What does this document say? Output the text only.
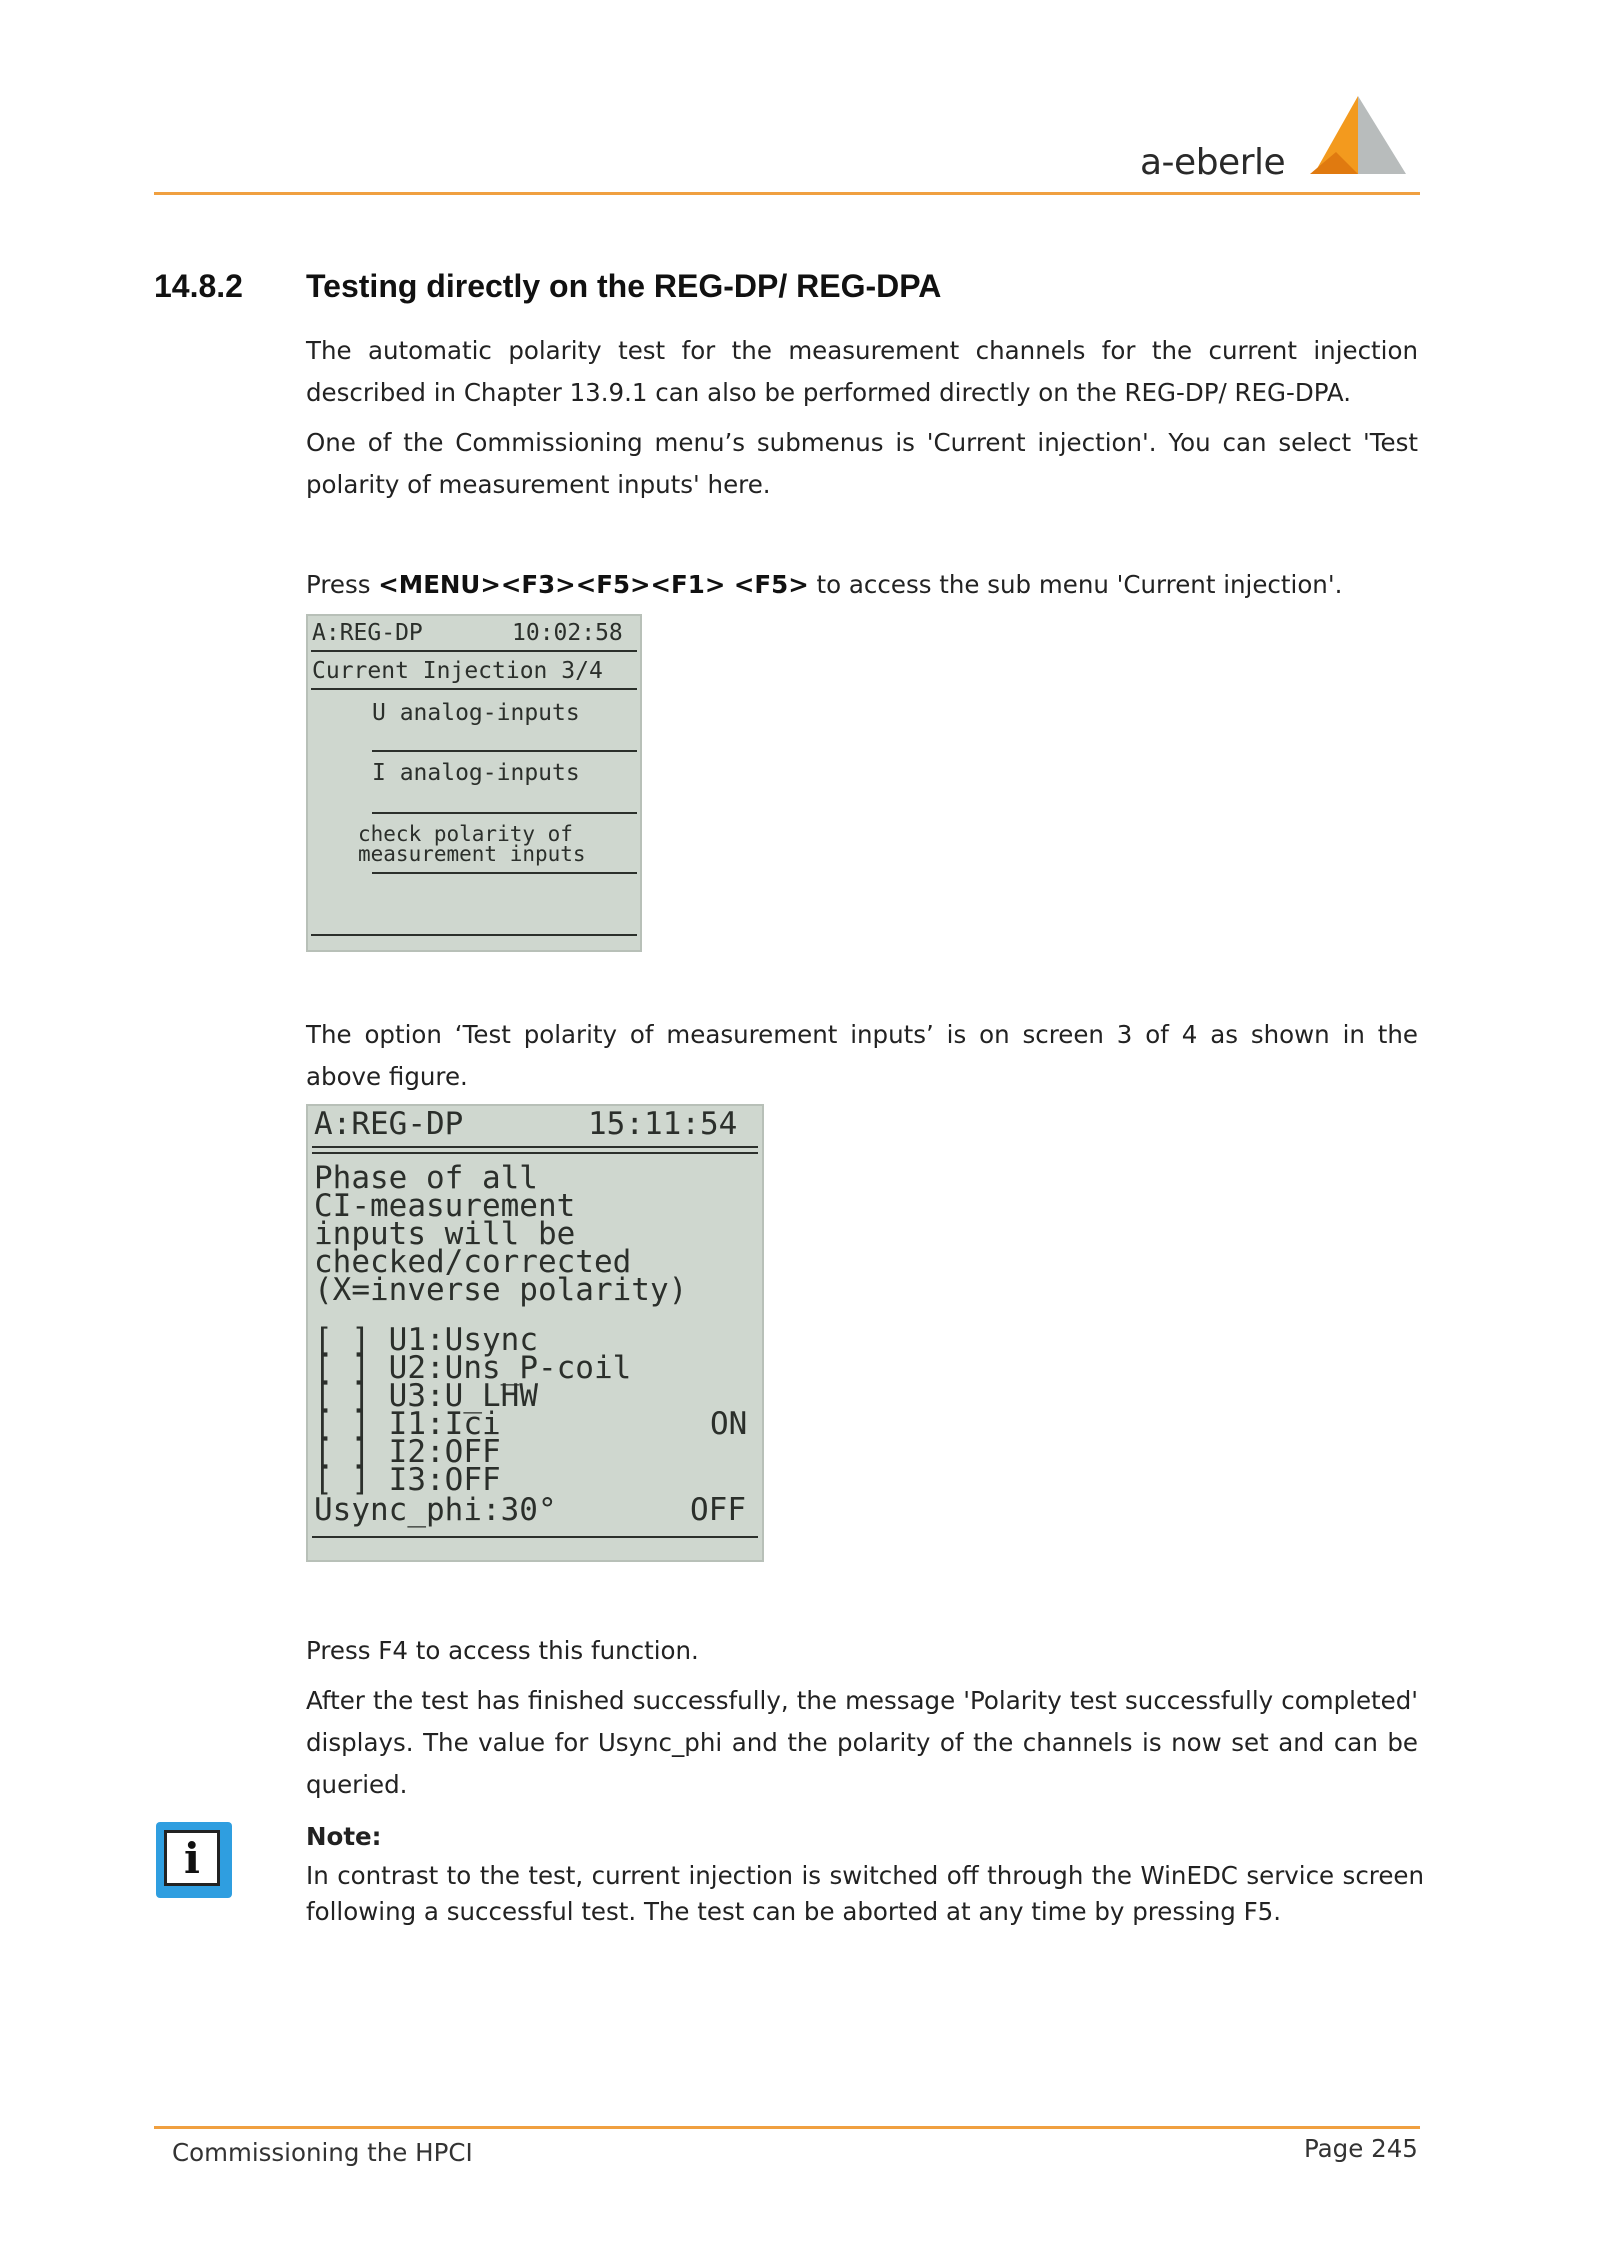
a-eberle
14.8.2 Testing directly on the REG-DP/ REG-DPA
The automatic polarity test for the measurement channels for the current injection described in Chapter 13.9.1 can also be performed directly on the REG-DP/ REG-DPA.
One of the Commissioning menu’s submenus is 'Current injection'. You can select 'Test polarity of measurement inputs' here.
Press <MENU><F3><F5><F1> <F5> to access the sub menu 'Current injection'.
A:REG-DP	10:02:58
Current Injection 3/4
U analog-inputs
I analog-inputs
check polarity of
measurement inputs
The option ‘Test polarity of measurement inputs’ is on screen 3 of 4 as shown in the above figure.
A:REG-DP	15:11:54
Phase of all
CI-measurement
inputs will be
checked/corrected
(X=inverse polarity)
[ ] U1:Usync
[ ] U2:Uns_P-coil
[ ] U3:U_LHW
[ ] I1:Ici	ON
[ ] I2:OFF
[ ] I3:OFF
Usync_phi:30°	OFF
Press F4 to access this function.
After the test has finished successfully, the message 'Polarity test successfully completed' displays. The value for Usync_phi and the polarity of the channels is now set and can be queried.
i	Note:
In contrast to the test, current injection is switched off through the WinEDC service screen following a successful test. The test can be aborted at any time by pressing F5.
Commissioning the HPCI	Page 245
